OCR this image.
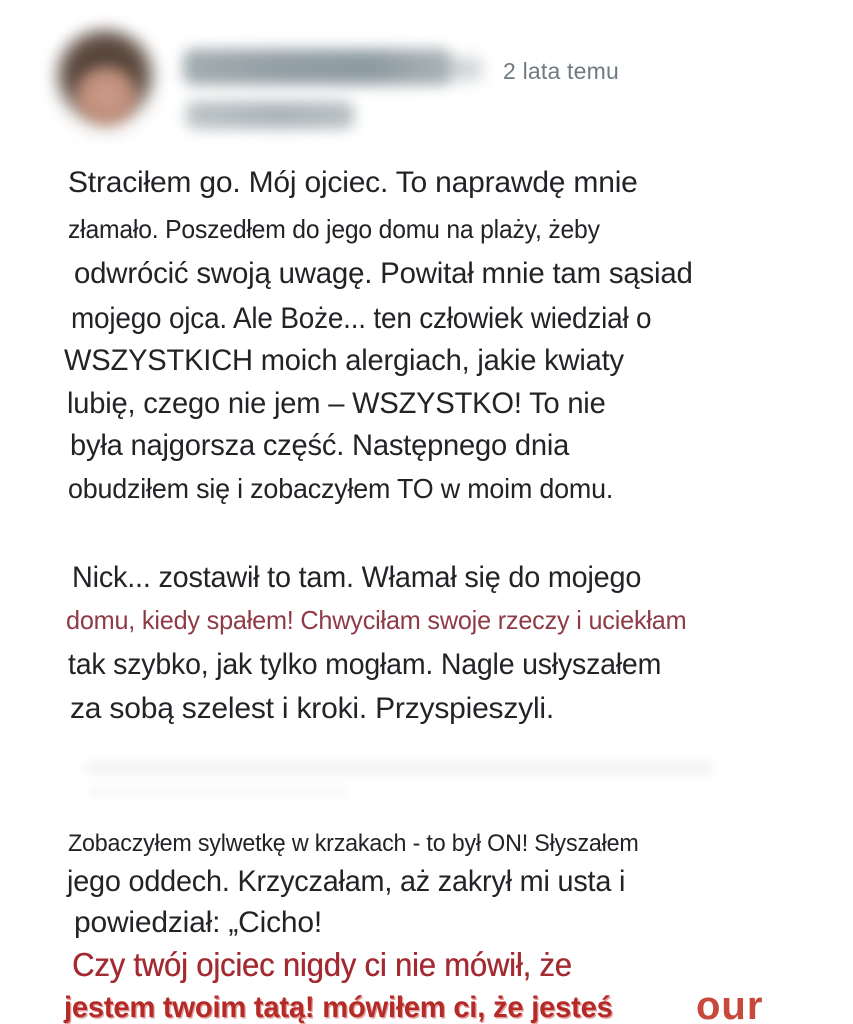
2 lata temu
Straciłem go. Mój ojciec. To naprawdę mnie
złamało. Poszedłem do jego domu na plaży, żeby
odwrócić swoją uwagę. Powitał mnie tam sąsiad
mojego ojca. Ale Boże... ten człowiek wiedział o
WSZYSTKICH moich alergiach, jakie kwiaty
lubię, czego nie jem – WSZYSTKO! To nie
była najgorsza część. Następnego dnia
obudziłem się i zobaczyłem TO w moim domu.
Nick... zostawił to tam. Włamał się do mojego
domu, kiedy spałem! Chwyciłam swoje rzeczy i uciekłam
tak szybko, jak tylko mogłam. Nagle usłyszałem
za sobą szelest i kroki. Przyspieszyli.
Zobaczyłem sylwetkę w krzakach - to był ON! Słyszałem
jego oddech. Krzyczałam, aż zakrył mi usta i
powiedział: „Cicho!
Czy twój ojciec nigdy ci nie mówił, że
jestem twoim tatą! mówiłem ci, że jesteś our
